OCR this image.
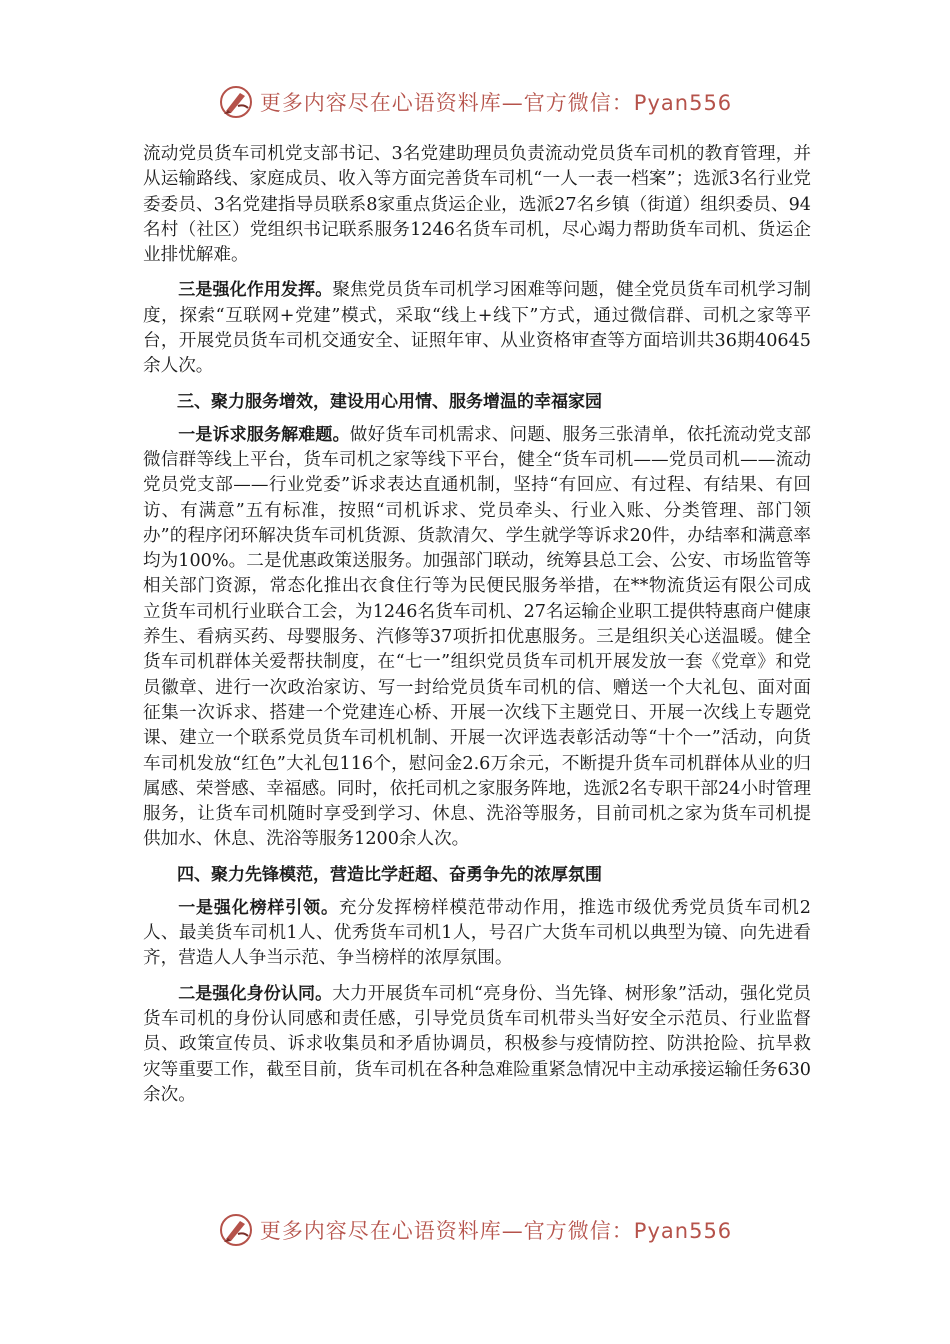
更多内容尽在心语资料库—官方微信：Pyan556

流动党员货车司机党支部书记、3名党建助理员负责流动党员货车司机的教育管理，并从运输路线、家庭成员、收入等方面完善货车司机“一人一表一档案”；选派3名行业党委委员、3名党建指导员联系8家重点货运企业，选派27名乡镇（街道）组织委员、94名村（社区）党组织书记联系服务1246名货车司机，尽心竭力帮助货车司机、货运企业排忧解难。

三是强化作用发挥。聚焦党员货车司机学习困难等问题，健全党员货车司机学习制度，探索“互联网+党建”模式，采取“线上+线下”方式，通过微信群、司机之家等平台，开展党员货车司机交通安全、证照年审、从业资格审查等方面培训共36期40645余人次。

三、聚力服务增效，建设用心用情、服务增温的幸福家园

一是诉求服务解难题。做好货车司机需求、问题、服务三张清单，依托流动党支部微信群等线上平台，货车司机之家等线下平台，健全“货车司机——党员司机——流动党员党支部——行业党委”诉求表达直通机制，坚持“有回应、有过程、有结果、有回访、有满意”五有标准，按照“司机诉求、党员牵头、行业入账、分类管理、部门领办”的程序闭环解决货车司机货源、货款清欠、学生就学等诉求20件，办结率和满意率均为100%。二是优惠政策送服务。加强部门联动，统筹县总工会、公安、市场监管等相关部门资源，常态化推出衣食住行等为民便民服务举措，在**物流货运有限公司成立货车司机行业联合工会，为1246名货车司机、27名运输企业职工提供特惠商户健康养生、看病买药、母婴服务、汽修等37项折扣优惠服务。三是组织关心送温暖。健全货车司机群体关爱帮扶制度，在“七一”组织党员货车司机开展发放一套《党章》和党员徽章、进行一次政治家访、写一封给党员货车司机的信、赠送一个大礼包、面对面征集一次诉求、搭建一个党建连心桥、开展一次线下主题党日、开展一次线上专题党课、建立一个联系党员货车司机机制、开展一次评选表彰活动等“十个一”活动，向货车司机发放“红色”大礼包116个，慰问金2.6万余元，不断提升货车司机群体从业的归属感、荣誉感、幸福感。同时，依托司机之家服务阵地，选派2名专职干部24小时管理服务，让货车司机随时享受到学习、休息、洗浴等服务，目前司机之家为货车司机提供加水、休息、洗浴等服务1200余人次。

四、聚力先锋模范，营造比学赶超、奋勇争先的浓厚氛围

一是强化榜样引领。充分发挥榜样模范带动作用，推选市级优秀党员货车司机2人、最美货车司机1人、优秀货车司机1人，号召广大货车司机以典型为镜、向先进看齐，营造人人争当示范、争当榜样的浓厚氛围。

二是强化身份认同。大力开展货车司机“亮身份、当先锋、树形象”活动，强化党员货车司机的身份认同感和责任感，引导党员货车司机带头当好安全示范员、行业监督员、政策宣传员、诉求收集员和矛盾协调员，积极参与疫情防控、防洪抢险、抗旱救灾等重要工作，截至目前，货车司机在各种急难险重紧急情况中主动承接运输任务630余次。

更多内容尽在心语资料库—官方微信：Pyan556
